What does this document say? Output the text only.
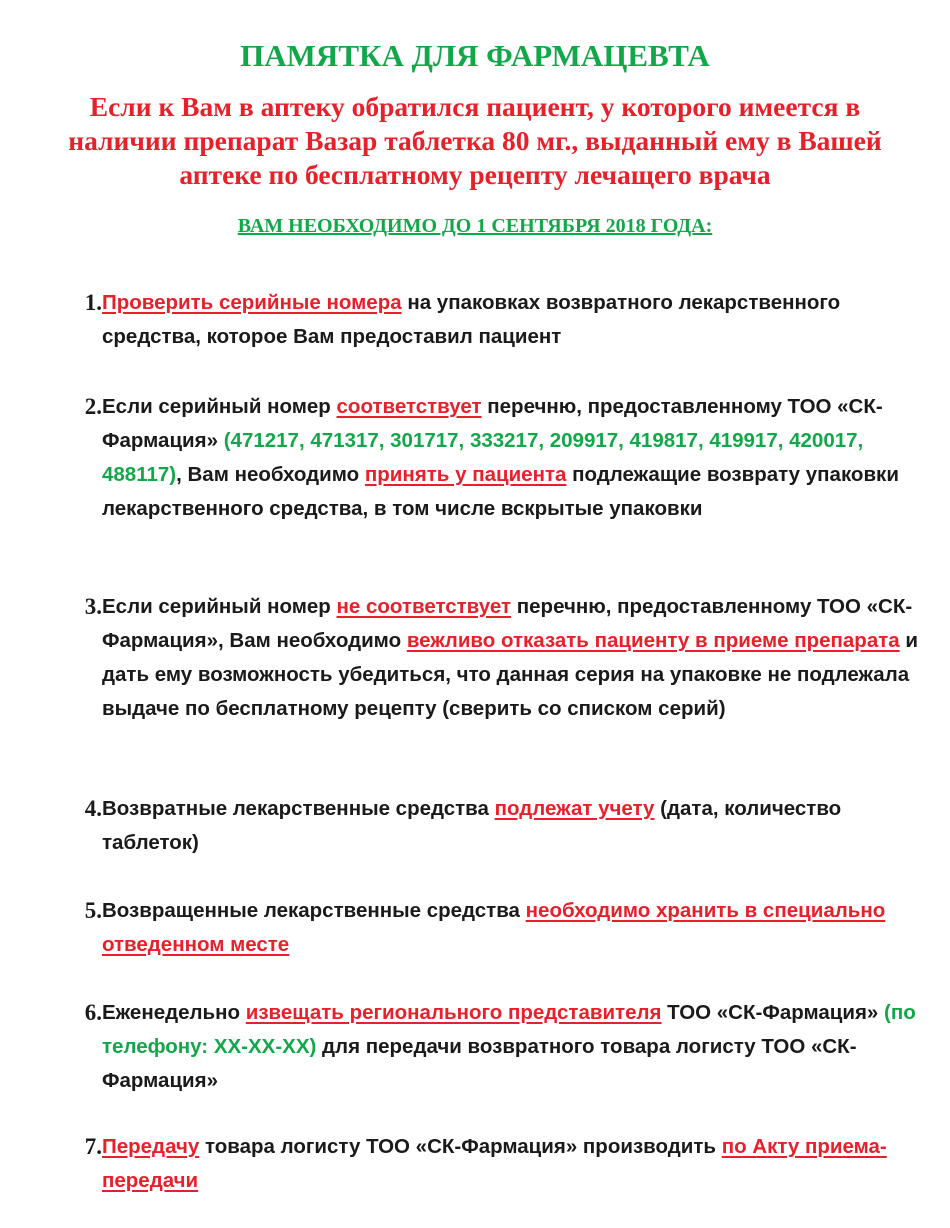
ПАМЯТКА ДЛЯ ФАРМАЦЕВТА

Если к Вам в аптеку обратился пациент, у которого имеется в наличии препарат Вазар таблетка 80 мг., выданный ему в Вашей аптеке по бесплатному рецепту лечащего врача

ВАМ НЕОБХОДИМО ДО 1 СЕНТЯБРЯ 2018 ГОДА:

1. Проверить серийные номера на упаковках возвратного лекарственного средства, которое Вам предоставил пациент
2. Если серийный номер соответствует перечню, предоставленному ТОО «СК-Фармация» (471217, 471317, 301717, 333217, 209917, 419817, 419917, 420017, 488117), Вам необходимо принять у пациента подлежащие возврату упаковки лекарственного средства, в том числе вскрытые упаковки
3. Если серийный номер не соответствует перечню, предоставленному ТОО «СК-Фармация», Вам необходимо вежливо отказать пациенту в приеме препарата и дать ему возможность убедиться, что данная серия на упаковке не подлежала выдаче по бесплатному рецепту (сверить со списком серий)
4. Возвратные лекарственные средства подлежат учету (дата, количество таблеток)
5. Возвращенные лекарственные средства необходимо хранить в специально отведенном месте
6. Еженедельно извещать регионального представителя ТОО «СК-Фармация» (по телефону: ХХ-ХХ-ХХ) для передачи возвратного товара логисту ТОО «СК-Фармация»
7. Передачу товара логисту ТОО «СК-Фармация» производить по Акту приема-передачи
